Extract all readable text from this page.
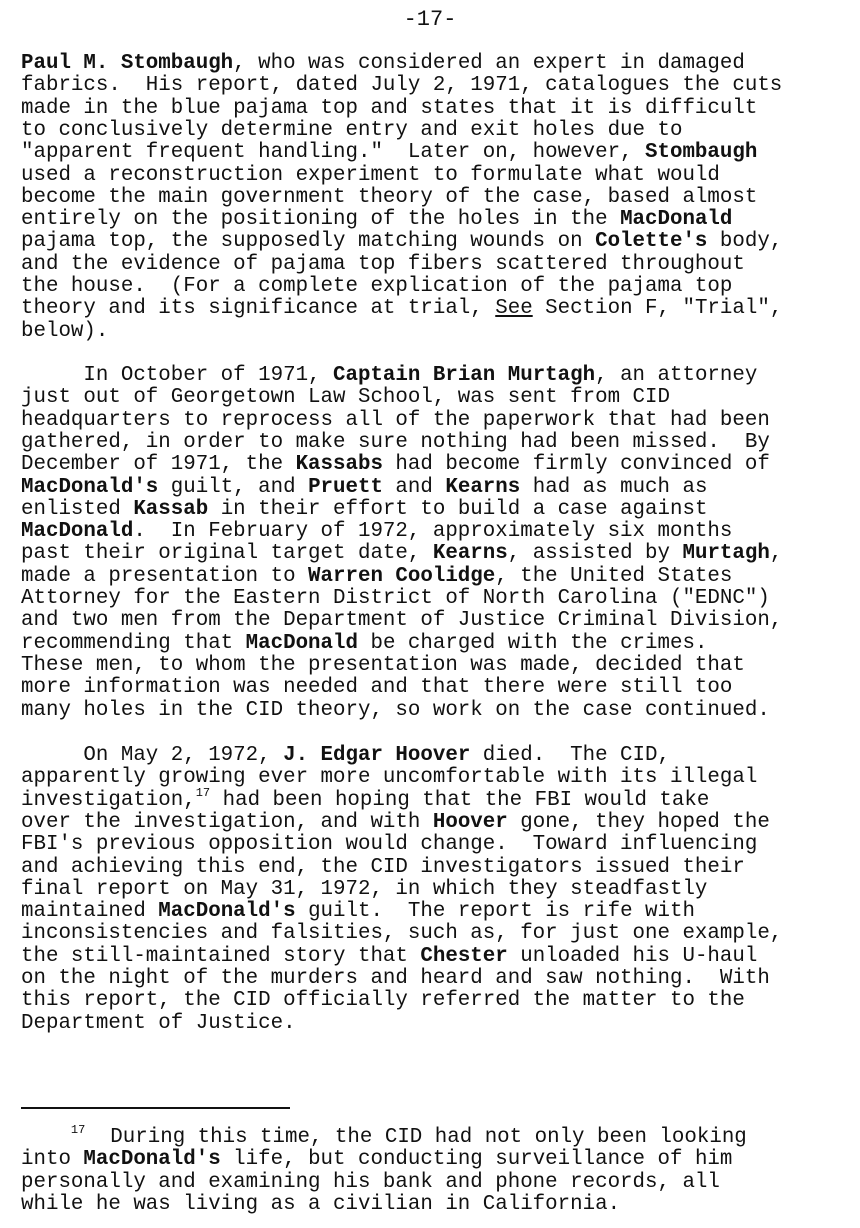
-17-
Paul M. Stombaugh, who was considered an expert in damaged
fabrics.  His report, dated July 2, 1971, catalogues the cuts
made in the blue pajama top and states that it is difficult
to conclusively determine entry and exit holes due to
"apparent frequent handling."  Later on, however, Stombaugh
used a reconstruction experiment to formulate what would
become the main government theory of the case, based almost
entirely on the positioning of the holes in the MacDonald
pajama top, the supposedly matching wounds on Colette's body,
and the evidence of pajama top fibers scattered throughout
the house.  (For a complete explication of the pajama top
theory and its significance at trial, See Section F, "Trial",
below).
In October of 1971, Captain Brian Murtagh, an attorney
just out of Georgetown Law School, was sent from CID
headquarters to reprocess all of the paperwork that had been
gathered, in order to make sure nothing had been missed.  By
December of 1971, the Kassabs had become firmly convinced of
MacDonald's guilt, and Pruett and Kearns had as much as
enlisted Kassab in their effort to build a case against
MacDonald.  In February of 1972, approximately six months
past their original target date, Kearns, assisted by Murtagh,
made a presentation to Warren Coolidge, the United States
Attorney for the Eastern District of North Carolina ("EDNC")
and two men from the Department of Justice Criminal Division,
recommending that MacDonald be charged with the crimes.
These men, to whom the presentation was made, decided that
more information was needed and that there were still too
many holes in the CID theory, so work on the case continued.
On May 2, 1972, J. Edgar Hoover died.  The CID,
apparently growing ever more uncomfortable with its illegal
investigation,$^{17}$ had been hoping that the FBI would take
over the investigation, and with Hoover gone, they hoped the
FBI's previous opposition would change.  Toward influencing
and achieving this end, the CID investigators issued their
final report on May 31, 1972, in which they steadfastly
maintained MacDonald's guilt.  The report is rife with
inconsistencies and falsities, such as, for just one example,
the still-maintained story that Chester unloaded his U-haul
on the night of the murders and heard and saw nothing.  With
this report, the CID officially referred the matter to the
Department of Justice.
$^{17}$  During this time, the CID had not only been looking
into MacDonald's life, but conducting surveillance of him
personally and examining his bank and phone records, all
while he was living as a civilian in California.
